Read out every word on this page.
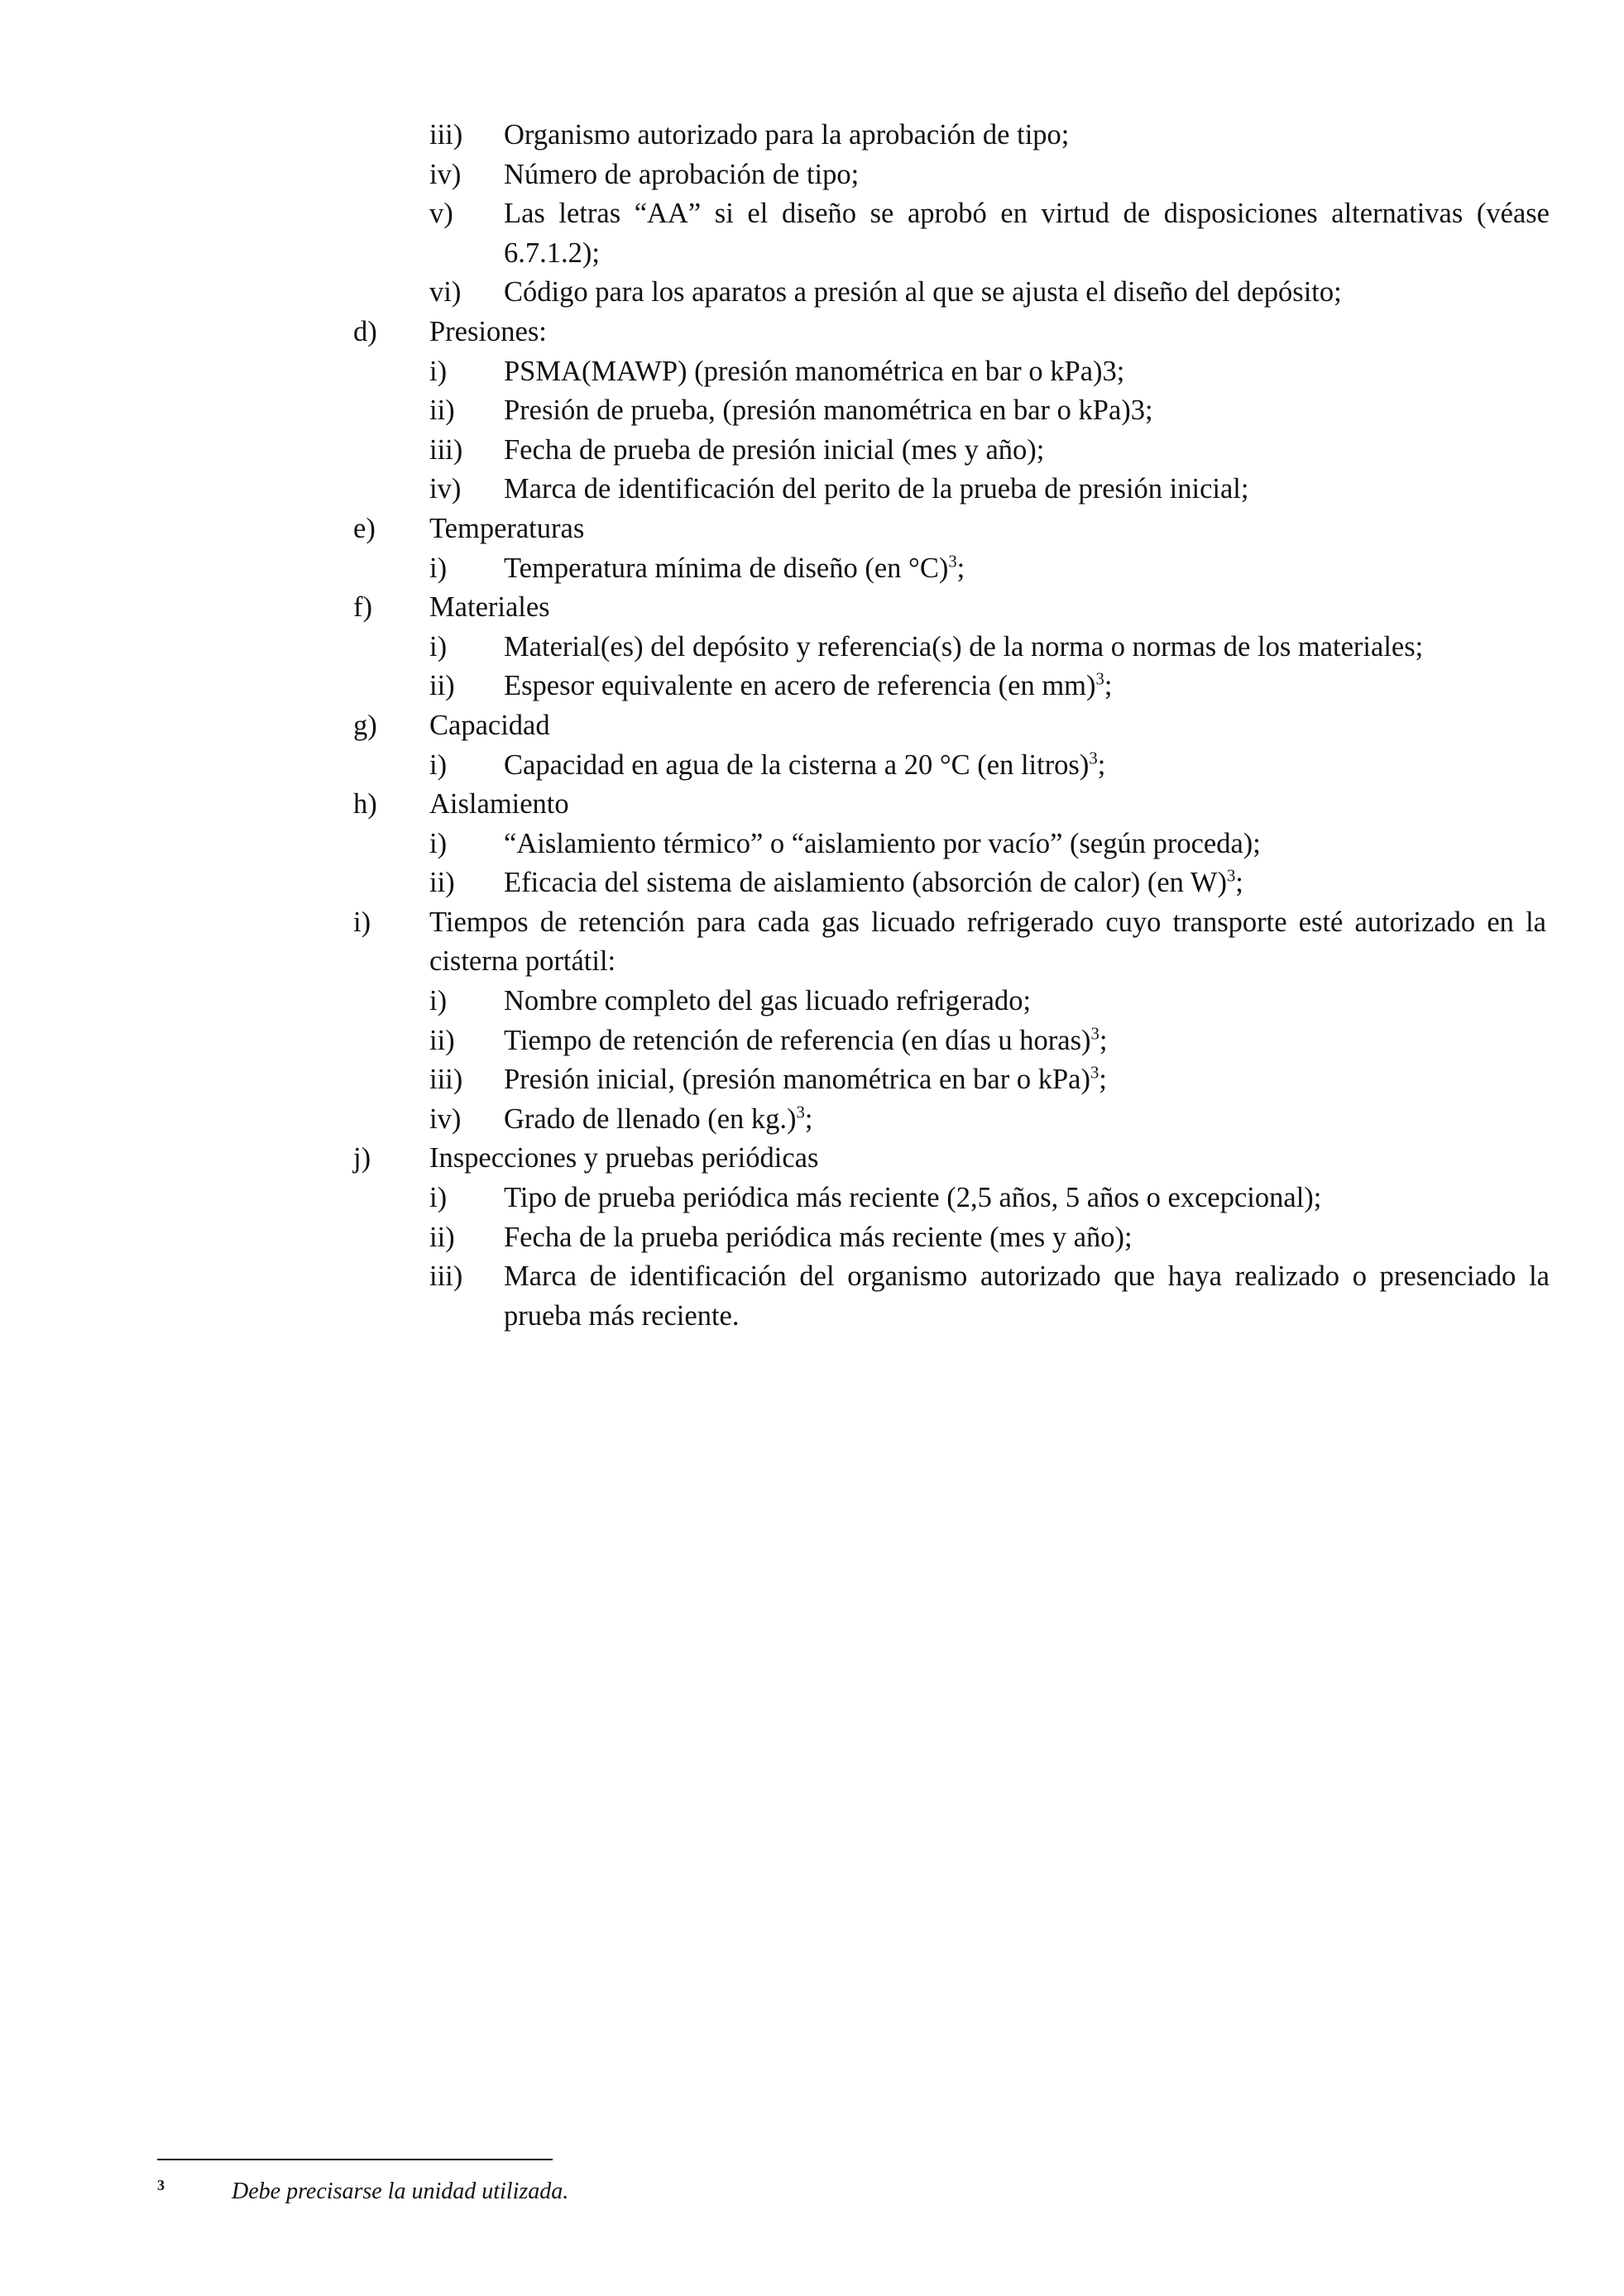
iii) Organismo autorizado para la aprobación de tipo;
iv) Número de aprobación de tipo;
v) Las letras “AA” si el diseño se aprobó en virtud de disposiciones alternativas (véase 6.7.1.2);
vi) Código para los aparatos a presión al que se ajusta el diseño del depósito;
d) Presiones:
i) PSMA(MAWP) (presión manométrica en bar o kPa)3;
ii) Presión de prueba, (presión manométrica en bar o kPa)3;
iii) Fecha de prueba de presión inicial (mes y año);
iv) Marca de identificación del perito de la prueba de presión inicial;
e) Temperaturas
i) Temperatura mínima de diseño (en °C)$^3$;
f) Materiales
i) Material(es) del depósito y referencia(s) de la norma o normas de los materiales;
ii) Espesor equivalente en acero de referencia (en mm)$^3$;
g) Capacidad
i) Capacidad en agua de la cisterna a 20 °C (en litros)$^3$;
h) Aislamiento
i) “Aislamiento térmico” o “aislamiento por vacío” (según proceda);
ii) Eficacia del sistema de aislamiento (absorción de calor) (en W)$^3$;
i) Tiempos de retención para cada gas licuado refrigerado cuyo transporte esté autorizado en la cisterna portátil:
i) Nombre completo del gas licuado refrigerado;
ii) Tiempo de retención de referencia (en días u horas)$^3$;
iii) Presión inicial, (presión manométrica en bar o kPa)$^3$;
iv) Grado de llenado (en kg.)$^3$;
j) Inspecciones y pruebas periódicas
i) Tipo de prueba periódica más reciente (2,5 años, 5 años o excepcional);
ii) Fecha de la prueba periódica más reciente (mes y año);
iii) Marca de identificación del organismo autorizado que haya realizado o presenciado la prueba más reciente.
3	Debe precisarse la unidad utilizada.
